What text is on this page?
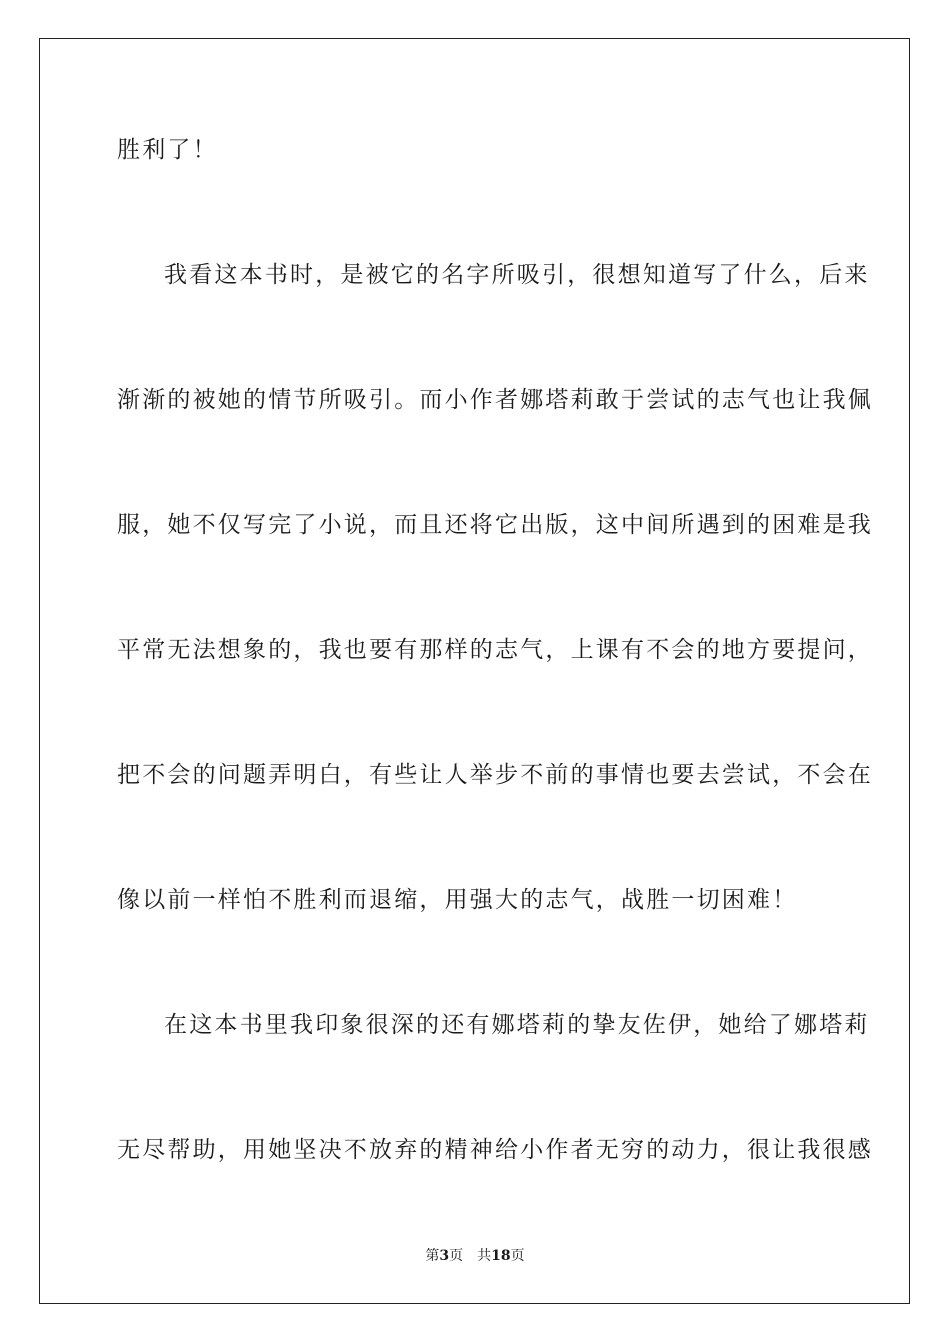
胜利了！
我看这本书时，是被它的名字所吸引，很想知道写了什么，后来
渐渐的被她的情节所吸引。而小作者娜塔莉敢于尝试的志气也让我佩
服，她不仅写完了小说，而且还将它出版，这中间所遇到的困难是我
平常无法想象的，我也要有那样的志气，上课有不会的地方要提问，
把不会的问题弄明白，有些让人举步不前的事情也要去尝试，不会在
像以前一样怕不胜利而退缩，用强大的志气，战胜一切困难！
在这本书里我印象很深的还有娜塔莉的挚友佐伊，她给了娜塔莉
无尽帮助，用她坚决不放弃的精神给小作者无穷的动力，很让我很感
第3页 共18页
